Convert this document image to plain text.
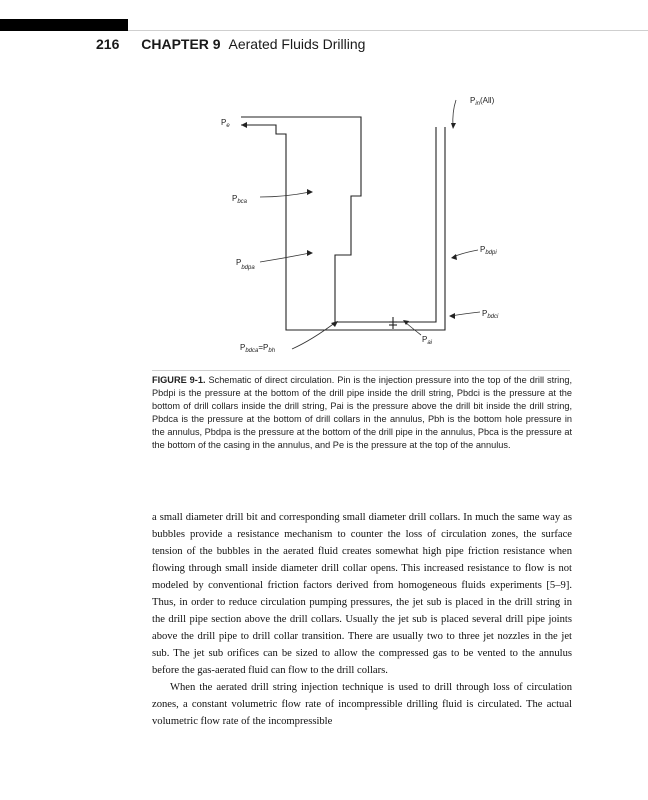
216 CHAPTER 9 Aerated Fluids Drilling
$P_{in}(All)$
$P_e$
$P_{bca}$
$P_{bdpa}$
$P_{bdpi}$
$P_{bdci}$
$P_{ai}$
$P_{bdca}=P_{bh}$
FIGURE 9-1. Schematic of direct circulation. Pin is the injection pressure into the top of the drill string, Pbdpi is the pressure at the bottom of the drill pipe inside the drill string, Pbdci is the pressure at the bottom of drill collars inside the drill string, Pai is the pressure above the drill bit inside the drill string, Pbdca is the pressure at the bottom of drill collars in the annulus, Pbh is the bottom hole pressure in the annulus, Pbdpa is the pressure at the bottom of the drill pipe in the annulus, Pbca is the pressure at the bottom of the casing in the annulus, and Pe is the pressure at the top of the annulus.

a small diameter drill bit and corresponding small diameter drill collars. In much the same way as bubbles provide a resistance mechanism to counter the loss of circulation zones, the surface tension of the bubbles in the aerated fluid creates somewhat high pipe friction resistance when flowing through small inside diameter drill collar opens. This increased resistance to flow is not modeled by conventional friction factors derived from homogeneous fluids experiments [5–9]. Thus, in order to reduce circulation pumping pressures, the jet sub is placed in the drill string in the drill pipe section above the drill collars. Usually the jet sub is placed several drill pipe joints above the drill pipe to drill collar transition. There are usually two to three jet nozzles in the jet sub. The jet sub orifices can be sized to allow the compressed gas to be vented to the annulus before the gas-aerated fluid can flow to the drill collars.

When the aerated drill string injection technique is used to drill through loss of circulation zones, a constant volumetric flow rate of incompressible drilling fluid is circulated. The actual volumetric flow rate of the incompressible
